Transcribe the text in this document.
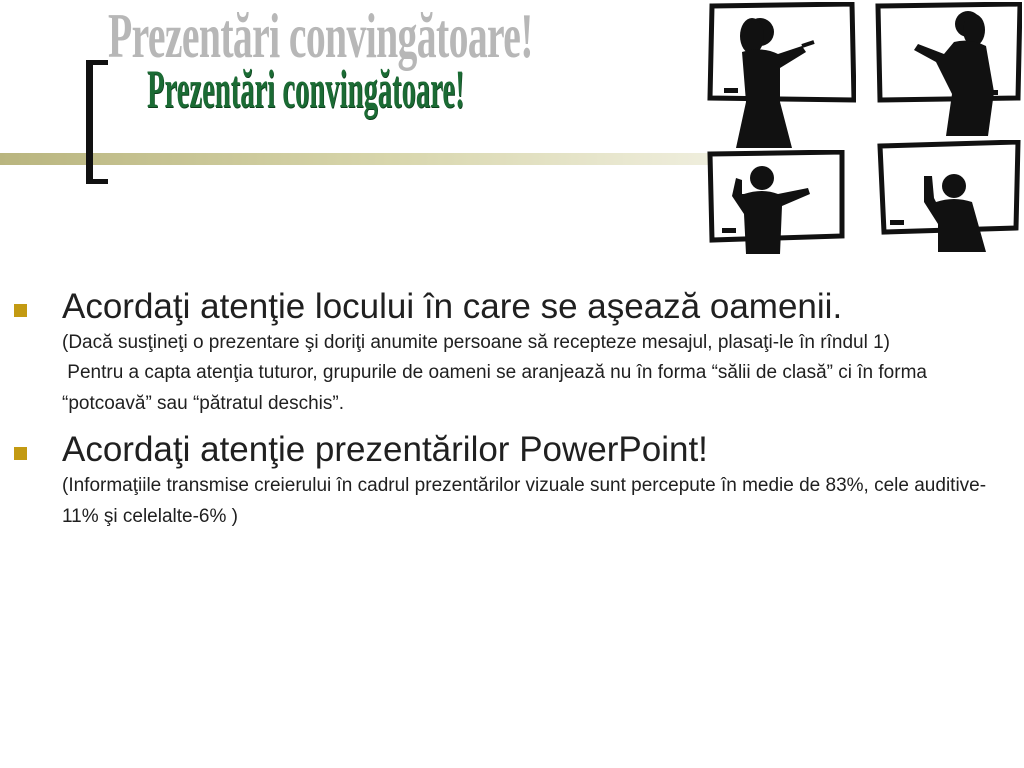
Prezentări convingătoare!
Prezentări convingătoare!
Acordaţi atenţie locului în care se aşează oamenii.
(Dacă susţineţi o prezentare şi doriţi anumite persoane să recepteze mesajul, plasaţi-le în rîndul 1)
Pentru a capta atenţia tuturor, grupurile de oameni se aranjează nu în forma “sălii de clasă” ci în forma “potcoavă” sau “pătratul deschis”.
Acordaţi atenţie prezentărilor PowerPoint!
(Informaţiile transmise creierului în cadrul prezentărilor vizuale sunt percepute în medie de 83%, cele auditive- 11% şi celelalte-6% )
